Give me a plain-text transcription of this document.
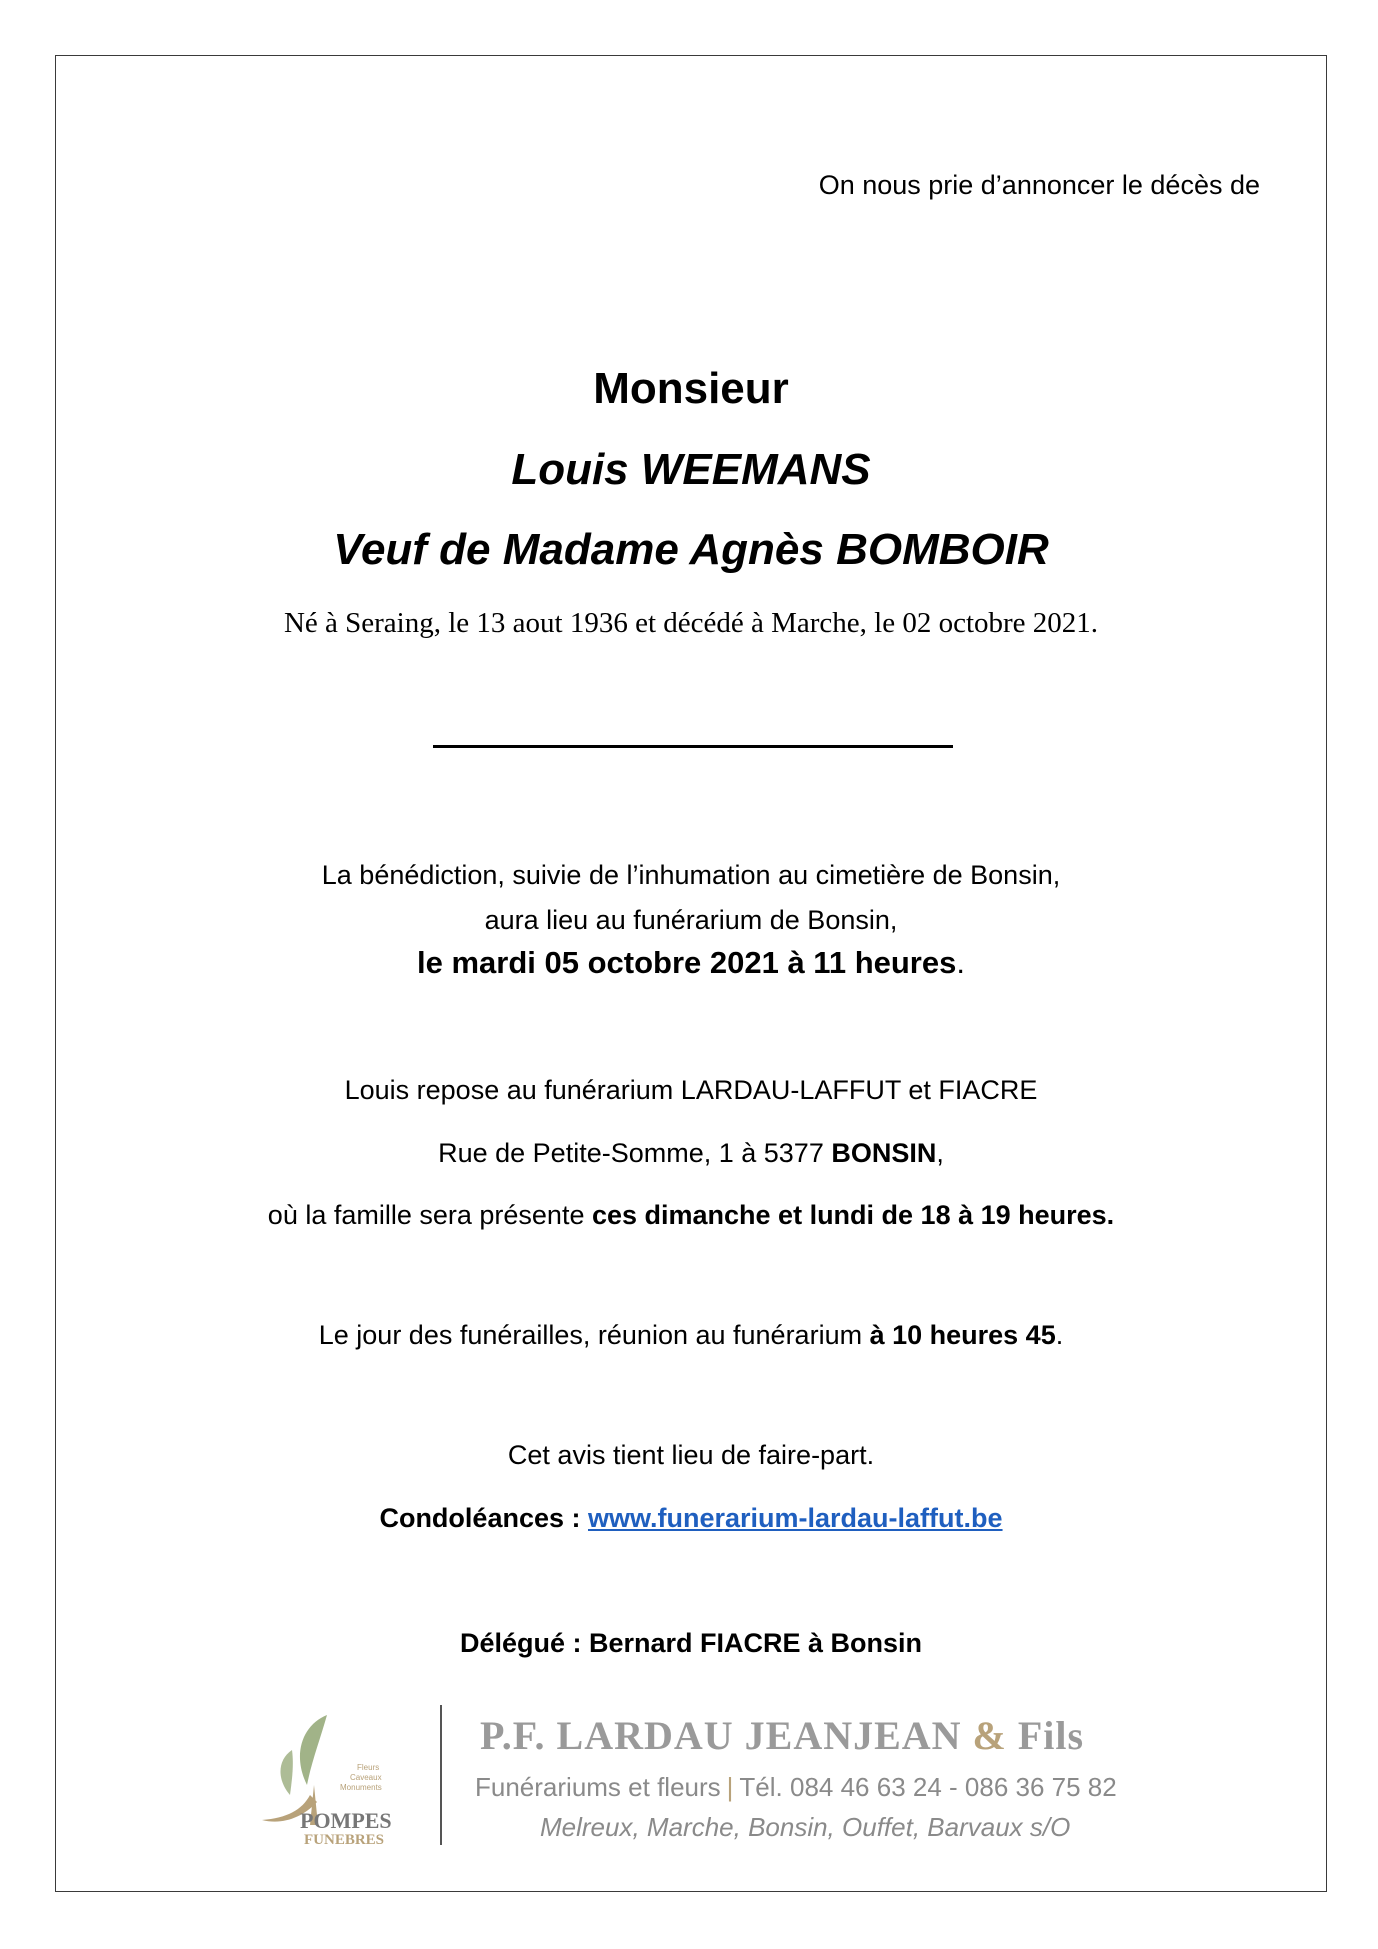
On nous prie d’annoncer le décès de
Monsieur
Louis WEEMANS
Veuf de Madame Agnès BOMBOIR
Né à Seraing, le 13 aout 1936 et décédé à Marche, le 02 octobre 2021.
La bénédiction, suivie de l’inhumation au cimetière de Bonsin,
aura lieu au funérarium de Bonsin,
le mardi 05 octobre 2021 à 11 heures.
Louis repose au funérarium LARDAU-LAFFUT et FIACRE
Rue de Petite-Somme, 1 à 5377 BONSIN,
où la famille sera présente ces dimanche et lundi de 18 à 19 heures.
Le jour des funérailles, réunion au funérarium à 10 heures 45.
Cet avis tient lieu de faire-part.
Condoléances : www.funerarium-lardau-laffut.be
Délégué : Bernard FIACRE à Bonsin
Fleurs
Caveaux
Monuments
POMPES
FUNEBRES
P.F. LARDAU JEANJEAN & Fils
Funérariums et fleurs | Tél. 084 46 63 24 - 086 36 75 82
Melreux, Marche, Bonsin, Ouffet, Barvaux s/O
